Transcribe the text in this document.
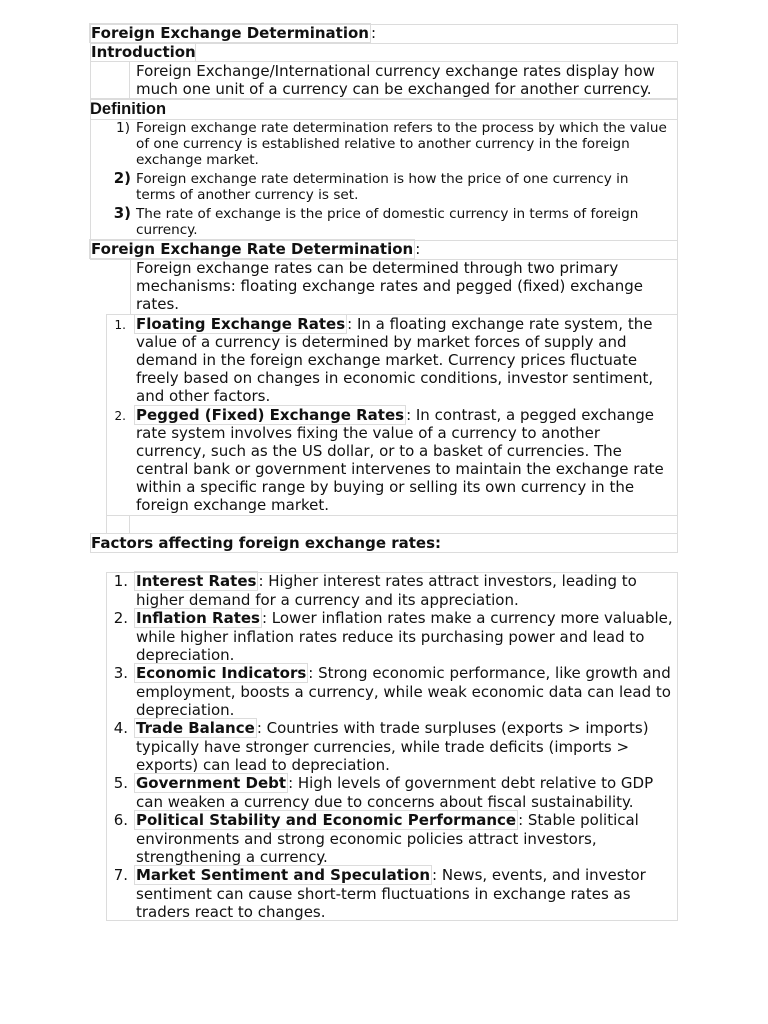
Foreign Exchange Determination :
Introduction
Foreign Exchange/International currency exchange rates display how
much one unit of a currency can be exchanged for another currency.
Definition
1) Foreign exchange rate determination refers to the process by which the value
of one currency is established relative to another currency in the foreign
exchange market.
2) Foreign exchange rate determination is how the price of one currency in
terms of another currency is set.
3) The rate of exchange is the price of domestic currency in terms of foreign
currency.
Foreign Exchange Rate Determination :
Foreign exchange rates can be determined through two primary
mechanisms: floating exchange rates and pegged (fixed) exchange
rates.
1. Floating Exchange Rates : In a floating exchange rate system, the
value of a currency is determined by market forces of supply and
demand in the foreign exchange market. Currency prices fluctuate
freely based on changes in economic conditions, investor sentiment,
and other factors.
2. Pegged (Fixed) Exchange Rates : In contrast, a pegged exchange
rate system involves fixing the value of a currency to another
currency, such as the US dollar, or to a basket of currencies. The
central bank or government intervenes to maintain the exchange rate
within a specific range by buying or selling its own currency in the
foreign exchange market.
Factors affecting foreign exchange rates:
1. Interest Rates : Higher interest rates attract investors, leading to
higher demand for a currency and its appreciation.
2. Inflation Rates : Lower inflation rates make a currency more valuable,
while higher inflation rates reduce its purchasing power and lead to
depreciation.
3. Economic Indicators : Strong economic performance, like growth and
employment, boosts a currency, while weak economic data can lead to
depreciation.
4. Trade Balance : Countries with trade surpluses (exports > imports)
typically have stronger currencies, while trade deficits (imports >
exports) can lead to depreciation.
5. Government Debt : High levels of government debt relative to GDP
can weaken a currency due to concerns about fiscal sustainability.
6. Political Stability and Economic Performance : Stable political
environments and strong economic policies attract investors,
strengthening a currency.
7. Market Sentiment and Speculation : News, events, and investor
sentiment can cause short-term fluctuations in exchange rates as
traders react to changes.
